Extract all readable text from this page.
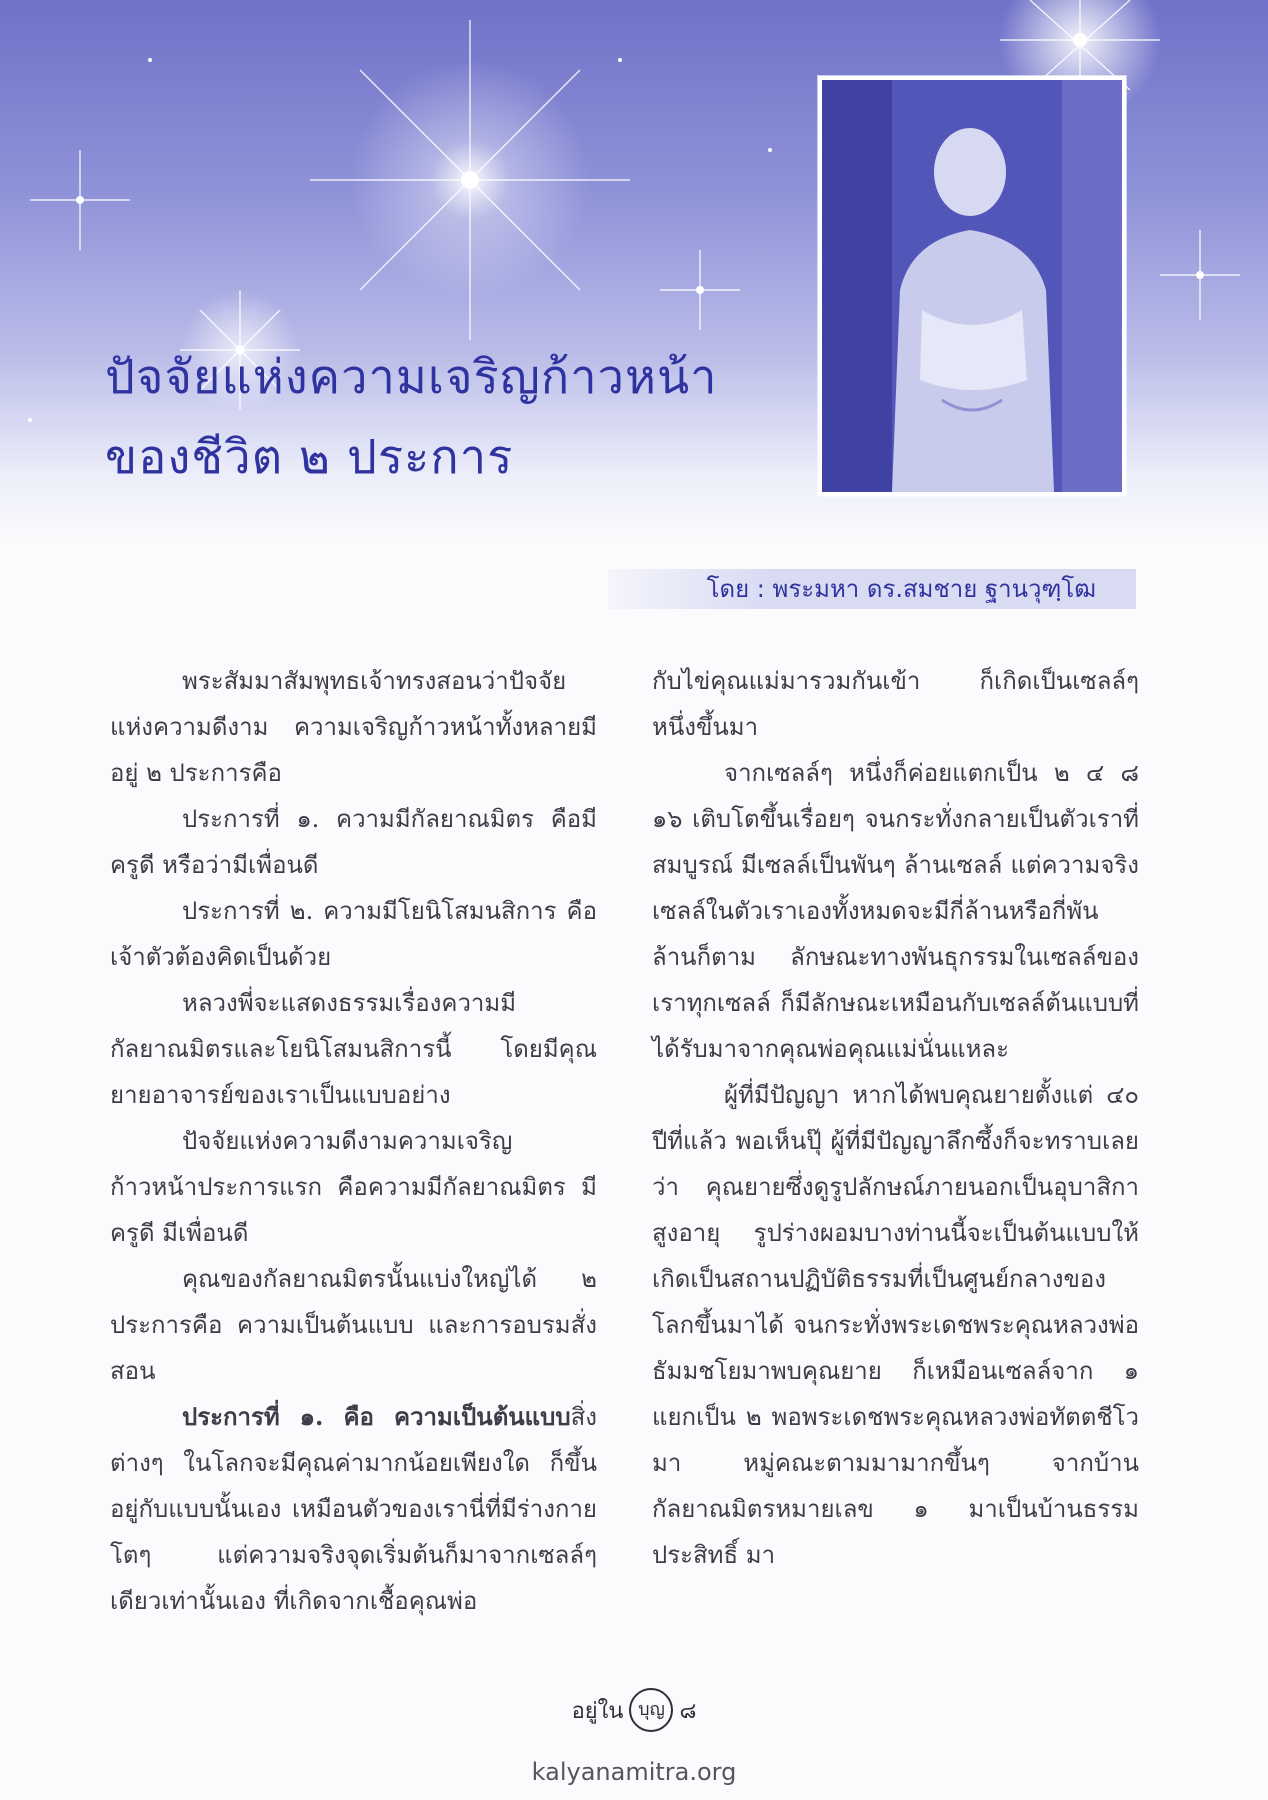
ปัจจัยแห่งความเจริญก้าวหน้า
ของชีวิต ๒ ประการ
โดย : พระมหา ดร.สมชาย ฐานวุฑฺโฒ

พระสัมมาสัมพุทธเจ้าทรงสอนว่าปัจจัยแห่งความดีงาม ความเจริญก้าวหน้าทั้งหลายมีอยู่ ๒ ประการคือ

ประการที่ ๑. ความมีกัลยาณมิตร คือมีครูดี หรือว่ามีเพื่อนดี

ประการที่ ๒. ความมีโยนิโสมนสิการ คือเจ้าตัวต้องคิดเป็นด้วย

หลวงพี่จะแสดงธรรมเรื่องความมีกัลยาณมิตรและโยนิโสมนสิการนี้ โดยมีคุณยายอาจารย์ของเราเป็นแบบอย่าง

ปัจจัยแห่งความดีงามความเจริญก้าวหน้าประการแรก คือความมีกัลยาณมิตร มีครูดี มีเพื่อนดี

คุณของกัลยาณมิตรนั้นแบ่งใหญ่ได้ ๒ ประการคือ ความเป็นต้นแบบ และการอบรมสั่งสอน

ประการที่ ๑. คือ ความเป็นต้นแบบสิ่งต่างๆ ในโลกจะมีคุณค่ามากน้อยเพียงใด ก็ขึ้นอยู่กับแบบนั้นเอง เหมือนตัวของเรานี่ที่มีร่างกายโตๆ แต่ความจริงจุดเริ่มต้นก็มาจากเซลล์ๆ เดียวเท่านั้นเอง ที่เกิดจากเชื้อคุณพ่อ

กับไข่คุณแม่มารวมกันเข้า ก็เกิดเป็นเซลล์ๆ หนึ่งขึ้นมา

จากเซลล์ๆ หนึ่งก็ค่อยแตกเป็น ๒ ๔ ๘ ๑๖ เติบโตขึ้นเรื่อยๆ จนกระทั่งกลายเป็นตัวเราที่สมบูรณ์ มีเซลล์เป็นพันๆ ล้านเซลล์ แต่ความจริงเซลล์ในตัวเราเองทั้งหมดจะมีกี่ล้านหรือกี่พันล้านก็ตาม ลักษณะทางพันธุกรรมในเซลล์ของเราทุกเซลล์ ก็มีลักษณะเหมือนกับเซลล์ต้นแบบที่ได้รับมาจากคุณพ่อคุณแม่นั่นแหละ

ผู้ที่มีปัญญา หากได้พบคุณยายตั้งแต่ ๔๐ ปีที่แล้ว พอเห็นปุ๊ ผู้ที่มีปัญญาลึกซึ้งก็จะทราบเลยว่า คุณยายซึ่งดูรูปลักษณ์ภายนอกเป็นอุบาสิกาสูงอายุ รูปร่างผอมบางท่านนี้จะเป็นต้นแบบให้เกิดเป็นสถานปฏิบัติธรรมที่เป็นศูนย์กลางของโลกขึ้นมาได้ จนกระทั่งพระเดชพระคุณหลวงพ่อธัมมชโยมาพบคุณยาย ก็เหมือนเซลล์จาก ๑ แยกเป็น ๒ พอพระเดชพระคุณหลวงพ่อทัตตชีโวมา หมู่คณะตามมามากขึ้นๆ จากบ้านกัลยาณมิตรหมายเลข ๑ มาเป็นบ้านธรรมประสิทธิ์ มา

อยู่ใน บุญ ๘
kalyanamitra.org
